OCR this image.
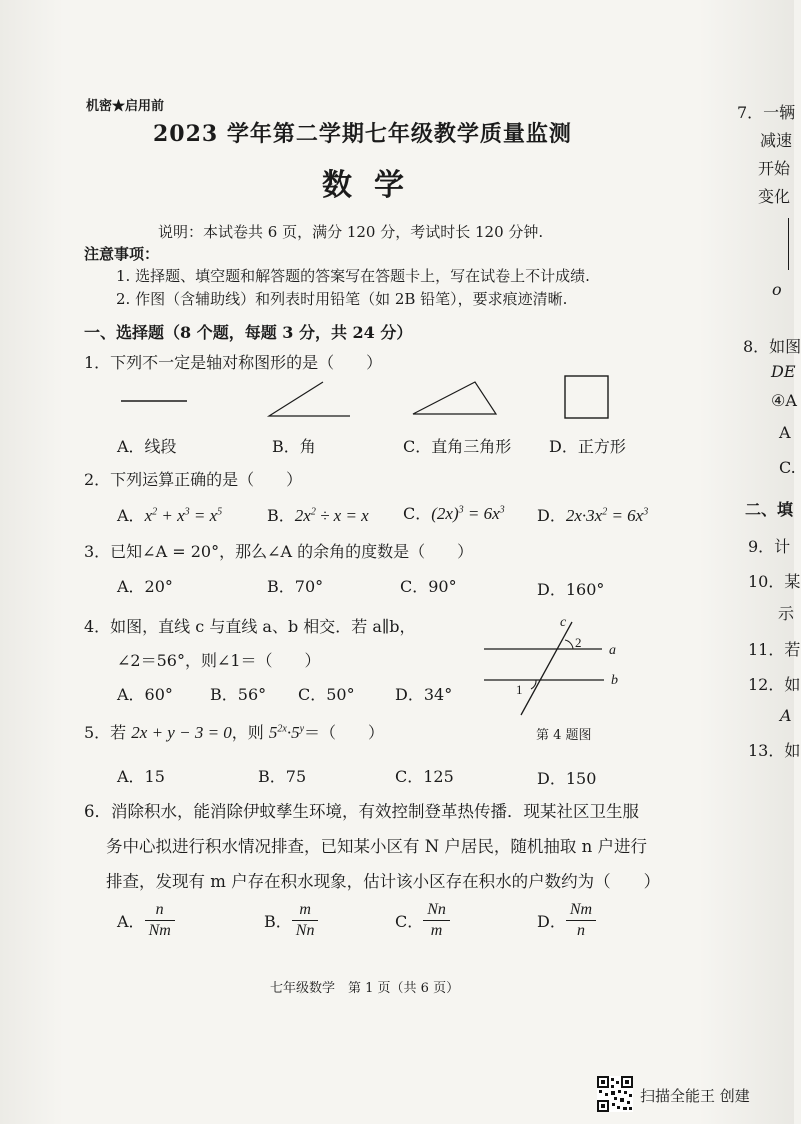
机密★启用前
2023 学年第二学期七年级教学质量监测
数学
说明：本试卷共 6 页，满分 120 分，考试时长 120 分钟.
注意事项：
1. 选择题、填空题和解答题的答案写在答题卡上，写在试卷上不计成绩.
2. 作图（含辅助线）和列表时用铅笔（如 2B 铅笔），要求痕迹清晰.
一、选择题（8 个题，每题 3 分，共 24 分）
1．下列不一定是轴对称图形的是（　　）
A．线段	B．角	C．直角三角形 D．正方形
2．下列运算正确的是（　　）
A．$x^2 + x^3 = x^5$	B．$2x^2 \div x = x$ C．$(2x)^3 = 6x^3$ D．$2x\cdot 3x^2 = 6x^3$
3．已知∠A = 20°，那么∠A 的余角的度数是（　　）
A．20°	B．70°	C．90°	D．160°
4．如图，直线 c 与直线 a、b 相交．若 a∥b，
∠2＝56°，则∠1＝（　　）
A．60° B．56° C．50°	D．34°
c
2
a
b
1
第 4 题图
5．若 2x + y − 3 = 0，则 $5^{2x}\cdot 5^y=$（　　）
A．15	B．75	C．125	D．150
6．消除积水，能消除伊蚊孳生环境，有效控制登革热传播．现某社区卫生服
务中心拟进行积水情况排查，已知某小区有 N 户居民，随机抽取 n 户进行
排查，发现有 m 户存在积水现象，估计该小区存在积水的户数约为（　　）
A． $\frac{n}{Nm}$	B． $\frac{m}{Nn}$	C． $\frac{Nn}{m}$	D． $\frac{Nm}{n}$
七年级数学　第 1 页（共 6 页）
7．一辆
减速
开始
变化
o
8．如图
DE
④A
A
C.
二、填
9．计
10．某
示
11．若
12．如
A
13．如
扫描全能王 创建
